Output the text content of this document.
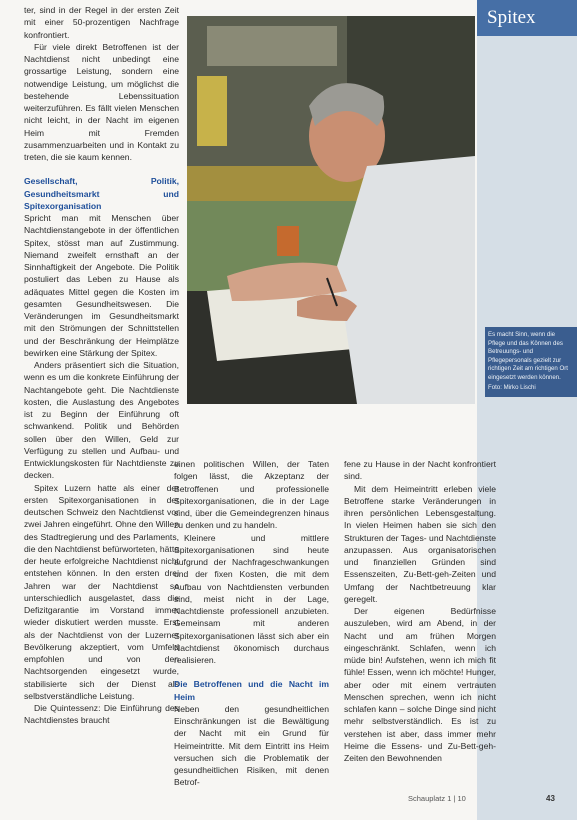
Spitex
Es macht Sinn, wenn die Pflege und das Können des Betreuungs- und Pflegepersonals gezielt zur richtigen Zeit am richtigen Ort eingesetzt werden können.
Foto: Mirko Lischi

ter, sind in der Regel in der ersten Zeit mit einer 50-prozentigen Nachfrage konfrontiert.

Für viele direkt Betroffenen ist der Nachtdienst nicht unbedingt eine grossartige Leistung, sondern eine notwendige Leistung, um möglichst die bestehende Lebenssituation weiterzuführen. Es fällt vielen Menschen nicht leicht, in der Nacht im eigenen Heim mit Fremden zusammenzuarbeiten und in Kontakt zu treten, die sie kaum kennen.

Gesellschaft, Politik, Gesundheitsmarkt und Spitexorganisation

Spricht man mit Menschen über Nachtdienstangebote in der öffentlichen Spitex, stösst man auf Zustimmung. Niemand zweifelt ernsthaft an der Sinnhaftigkeit der Angebote. Die Politik postuliert das Leben zu Hause als adäquates Mittel gegen die Kosten im gesamten Gesundheitswesen. Die Veränderungen im Gesundheitsmarkt mit den Strömungen der Schnittstellen und der Beschränkung der Heimplätze bewirken eine Stärkung der Spitex.

Anders präsentiert sich die Situation, wenn es um die konkrete Einführung der Nachtangebote geht. Die Nachtdienste kosten, die Auslastung des Angebotes ist zu Beginn der Einführung oft schwankend. Politik und Behörden sollen über den Willen, Geld zur Verfügung zu stellen und Aufbau- und Entwicklungskosten für Nachtdienste zu decken.

Spitex Luzern hatte als einer der ersten Spitexorganisationen in der deutschen Schweiz den Nachtdienst vor zwei Jahren eingeführt. Ohne den Willen des Stadtregierung und des Parlaments, die den Nachtdienst befürworteten, hätte der heute erfolgreiche Nachtdienst nicht entstehen können. In den ersten drei Jahren war der Nachtdienst so unterschiedlich ausgelastet, dass die Defizitgarantie im Vorstand immer wieder diskutiert werden musste. Erst als der Nachtdienst von der Luzerner Bevölkerung akzeptiert, vom Umfeld empfohlen und von den Nachtsorgenden eingesetzt wurde, stabilisierte sich der Dienst als selbstverständliche Leistung.

Die Quintessenz: Die Einführung des Nachtdienstes braucht

einen politischen Willen, der Taten folgen lässt, die Akzeptanz der Betroffenen und professionelle Spitexorganisationen, die in der Lage sind, über die Gemeindegrenzen hinaus zu denken und zu handeln.

Kleinere und mittlere Spitexorganisationen sind heute aufgrund der Nachfrageschwankungen und der fixen Kosten, die mit dem Aufbau von Nachtdiensten verbunden sind, meist nicht in der Lage, Nachtdienste professionell anzubieten. Gemeinsam mit anderen Spitexorganisationen lässt sich aber ein Nachtdienst ökonomisch durchaus realisieren.

Die Betroffenen und die Nacht im Heim

Neben den gesundheitlichen Einschränkungen ist die Bewältigung der Nacht mit ein Grund für Heimeintritte. Mit dem Eintritt ins Heim versuchen sich die Problematik der gesundheitlichen Risiken, mit denen Betrof-

fene zu Hause in der Nacht konfrontiert sind.

Mit dem Heimeintritt erleben viele Betroffene starke Veränderungen in ihren persönlichen Lebensgestaltung. In vielen Heimen haben sie sich den Strukturen der Tages- und Nachtdienste anzupassen. Aus organisatorischen und finanziellen Gründen sind Essenszeiten, Zu-Bett-geh-Zeiten und Umfang der Nachtbetreuung klar geregelt.

Der eigenen Bedürfnisse auszuleben, wird am Abend, in der Nacht und am frühen Morgen eingeschränkt. Schlafen, wenn ich müde bin! Aufstehen, wenn ich mich fit fühle! Essen, wenn ich möchte! Hunger, aber oder mit einem vertrauten Menschen sprechen, wenn ich nicht schlafen kann – solche Dinge sind nicht mehr selbstverständlich. Es ist zu verstehen ist aber, dass immer mehr Heime die Essens- und Zu-Bett-geh-Zeiten den Bewohnenden

Schauplatz 1 | 10	43
